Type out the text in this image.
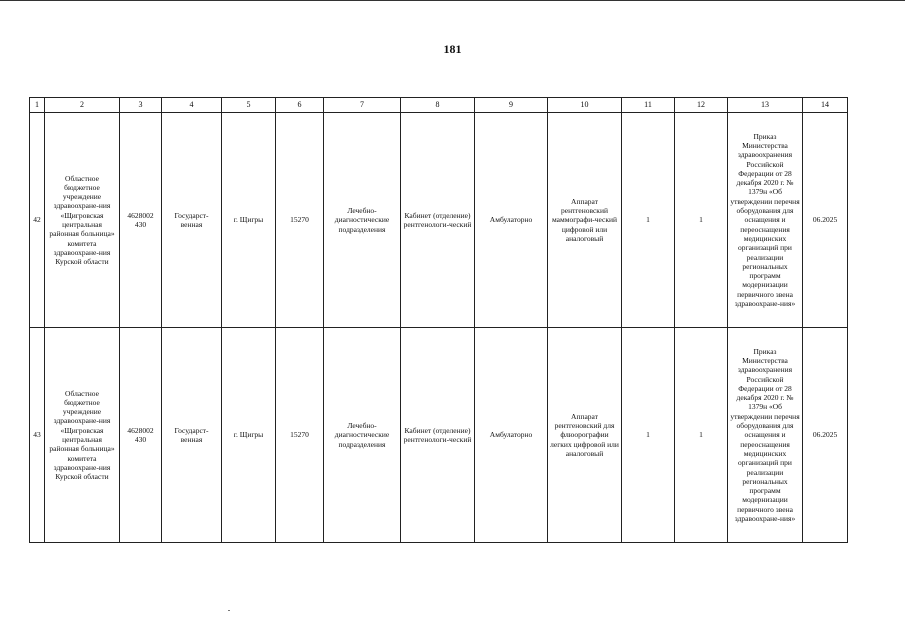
181
1	2	3	4	5	6	7	8	9	10	11	12	13	14
42	Областное бюджетное учреждение здравоохране-ния «Щигровская центральная районная больница» комитета здравоохране-ния Курской области	4628002 430	Государст-венная	г. Щигры	15270	Лечебно-диагностические подразделения	Кабинет (отделение) рентгенологи-ческий	Амбулаторно	Аппарат рентгеновский маммографи-ческий цифровой или аналоговый	1	1	Приказ Министерства здравоохранения Российской Федерации от 28 декабря 2020 г. № 1379н «Об утверждении перечня оборудования для оснащения и переоснащения медицинских организаций при реализации региональных программ модернизации первичного звена здравоохране-ния»	06.2025
43	Областное бюджетное учреждение здравоохране-ния «Щигровская центральная районная больница» комитета здравоохране-ния Курской области	4628002 430	Государст-венная	г. Щигры	15270	Лечебно-диагностические подразделения	Кабинет (отделение) рентгенологи-ческий	Амбулаторно	Аппарат рентгеновский для флюорографии легких цифровой или аналоговый	1	1	Приказ Министерства здравоохранения Российской Федерации от 28 декабря 2020 г. № 1379н «Об утверждении перечня оборудования для оснащения и переоснащения медицинских организаций при реализации региональных программ модернизации первичного звена здравоохране-ния»	06.2025
